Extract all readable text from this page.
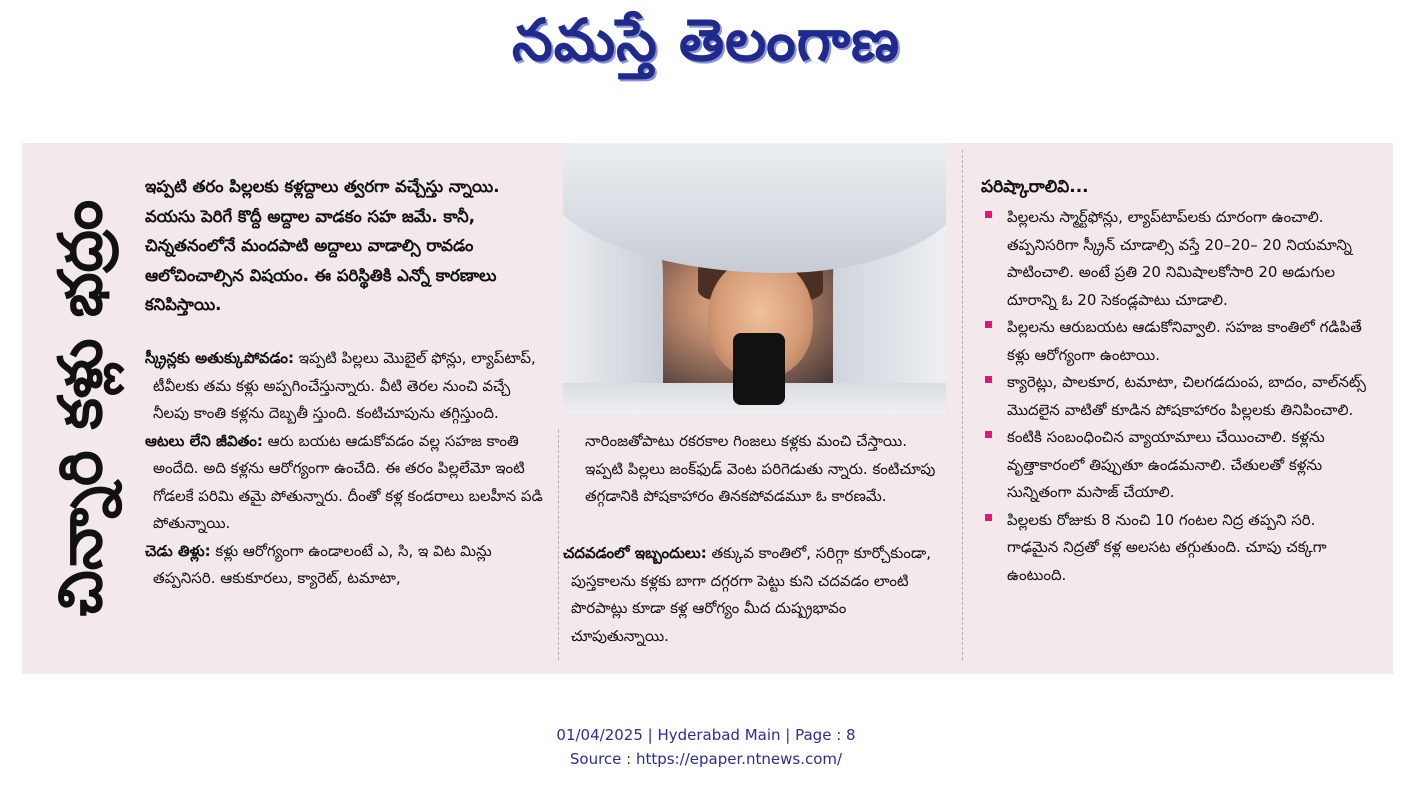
నమస్తే తెలంగాణ
చిన్నారి కళ్లు భద్రం
ఇప్పటి తరం పిల్లలకు కళ్లద్దాలు త్వరగా వచ్చేస్తు న్నాయి. వయసు పెరిగే కొద్దీ అద్దాల వాడకం సహ జమే. కానీ, చిన్నతనంలోనే మందపాటి అద్దాలు వాడాల్సి రావడం ఆలోచించాల్సిన విషయం. ఈ పరిస్థితికి ఎన్నో కారణాలు కనిపిస్తాయి.

స్క్రీన్లకు అతుక్కుపోవడం: ఇప్పటి పిల్లలు మొబైల్ ఫోన్లు, ల్యాప్‌టాప్, టీవీలకు తమ కళ్లు అప్పగించేస్తున్నారు. వీటి తెరల నుంచి వచ్చే నీలపు కాంతి కళ్లను దెబ్బతీ స్తుంది. కంటిచూపును తగ్గిస్తుంది.

ఆటలు లేని జీవితం: ఆరు బయట ఆడుకోవడం వల్ల సహజ కాంతి అందేది. అది కళ్లను ఆరోగ్యంగా ఉంచేది. ఈ తరం పిల్లలేమో ఇంటి గోడలకే పరిమి తమై పోతున్నారు. దీంతో కళ్ల కండరాలు బలహీన పడి పోతున్నాయి.

చెడు తిళ్లు: కళ్లు ఆరోగ్యంగా ఉండాలంటే ఎ, సి, ఇ విట మిన్లు తప్పనిసరి. ఆకుకూరలు, క్యారెట్, టమాటా,

నారింజతోపాటు రకరకాల గింజలు కళ్లకు మంచి చేస్తాయి. ఇప్పటి పిల్లలు జంక్‌ఫుడ్ వెంట పరిగెడుతు న్నారు. కంటిచూపు తగ్గడానికి పోషకాహారం తినకపోవడమూ ఓ కారణమే.

చదవడంలో ఇబ్బందులు: తక్కువ కాంతిలో, సరిగ్గా కూర్చోకుండా, పుస్తకాలను కళ్లకు బాగా దగ్గరగా పెట్టు కుని చదవడం లాంటి పొరపాట్లు కూడా కళ్ల ఆరోగ్యం మీద దుష్ప్రభావం చూపుతున్నాయి.

పరిష్కారాలివి...
పిల్లలను స్మార్ట్‌ఫోన్లు, ల్యాప్‌టాప్‌లకు దూరంగా ఉంచాలి. తప్పనిసరిగా స్క్రీన్ చూడాల్సి వస్తే 20–20– 20 నియమాన్ని పాటించాలి. అంటే ప్రతి 20 నిమిషాలకోసారి 20 అడుగుల దూరాన్ని ఓ 20 సెకండ్లపాటు చూడాలి.
పిల్లలను ఆరుబయట ఆడుకోనివ్వాలి. సహజ కాంతిలో గడిపితే కళ్లు ఆరోగ్యంగా ఉంటాయి.
క్యారెట్లు, పాలకూర, టమాటా, చిలగడదుంప, బాదం, వాల్‌నట్స్ మొదలైన వాటితో కూడిన పోషకాహారం పిల్లలకు తినిపించాలి.
కంటికి సంబంధించిన వ్యాయామాలు చేయించాలి. కళ్లను వృత్తాకారంలో తిప్పుతూ ఉండమనాలి. చేతులతో కళ్లను సున్నితంగా మసాజ్ చేయాలి.
పిల్లలకు రోజుకు 8 నుంచి 10 గంటల నిద్ర తప్పని సరి. గాఢమైన నిద్రతో కళ్ల అలసట తగ్గుతుంది. చూపు చక్కగా ఉంటుంది.
01/04/2025 | Hyderabad Main | Page : 8
Source : https://epaper.ntnews.com/
